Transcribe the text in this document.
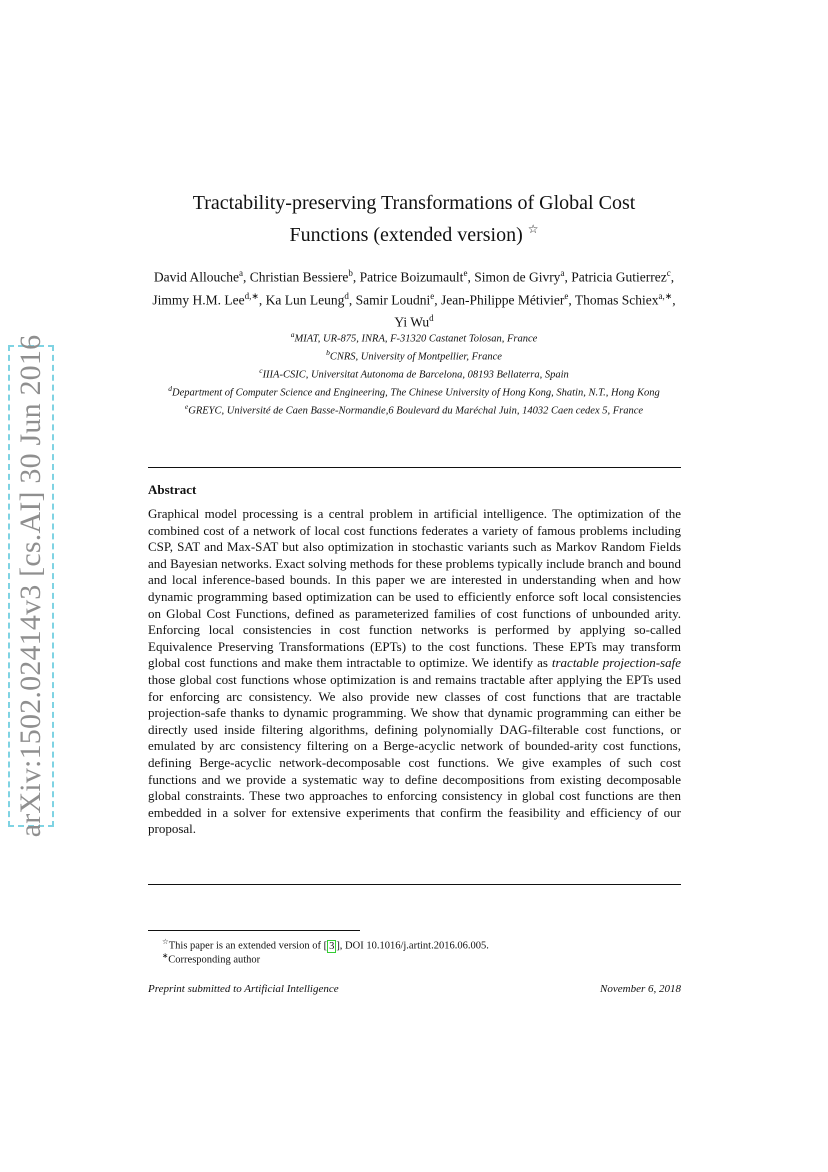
arXiv:1502.02414v3 [cs.AI] 30 Jun 2016
Tractability-preserving Transformations of Global Cost
Functions (extended version) ☆
David Allouche$^a$, Christian Bessiere$^b$, Patrice Boizumault$^e$, Simon de Givry$^a$, Patricia Gutierrez$^c$, Jimmy H.M. Lee$^{d,∗}$, Ka Lun Leung$^d$, Samir Loudni$^e$, Jean-Philippe Métivier$^e$, Thomas Schiex$^{a,∗}$, Yi Wu$^d$
$^a$MIAT, UR-875, INRA, F-31320 Castanet Tolosan, France
$^b$CNRS, University of Montpellier, France
$^c$IIIA-CSIC, Universitat Autonoma de Barcelona, 08193 Bellaterra, Spain
$^d$Department of Computer Science and Engineering, The Chinese University of Hong Kong, Shatin, N.T., Hong Kong
$^e$GREYC, Université de Caen Basse-Normandie,6 Boulevard du Maréchal Juin, 14032 Caen cedex 5, France
Abstract
Graphical model processing is a central problem in artificial intelligence. The optimization of the combined cost of a network of local cost functions federates a variety of famous problems including CSP, SAT and Max-SAT but also optimization in stochastic variants such as Markov Random Fields and Bayesian networks. Exact solving methods for these problems typically include branch and bound and local inference-based bounds. In this paper we are interested in understanding when and how dynamic programming based optimization can be used to efficiently enforce soft local consistencies on Global Cost Functions, defined as parameterized families of cost functions of unbounded arity. Enforcing local consistencies in cost function networks is performed by applying so-called Equivalence Preserving Transformations (EPTs) to the cost functions. These EPTs may transform global cost functions and make them intractable to optimize. We identify as tractable projection-safe those global cost functions whose optimization is and remains tractable after applying the EPTs used for enforcing arc consistency. We also provide new classes of cost functions that are tractable projection-safe thanks to dynamic programming. We show that dynamic programming can either be directly used inside filtering algorithms, defining polynomially DAG-filterable cost functions, or emulated by arc consistency filtering on a Berge-acyclic network of bounded-arity cost functions, defining Berge-acyclic network-decomposable cost functions. We give examples of such cost functions and we provide a systematic way to define decompositions from existing decomposable global constraints. These two approaches to enforcing consistency in global cost functions are then embedded in a solver for extensive experiments that confirm the feasibility and efficiency of our proposal.
☆This paper is an extended version of [ 3 ], DOI 10.1016/j.artint.2016.06.005.
∗Corresponding author
Preprint submitted to Artificial Intelligence	November 6, 2018
